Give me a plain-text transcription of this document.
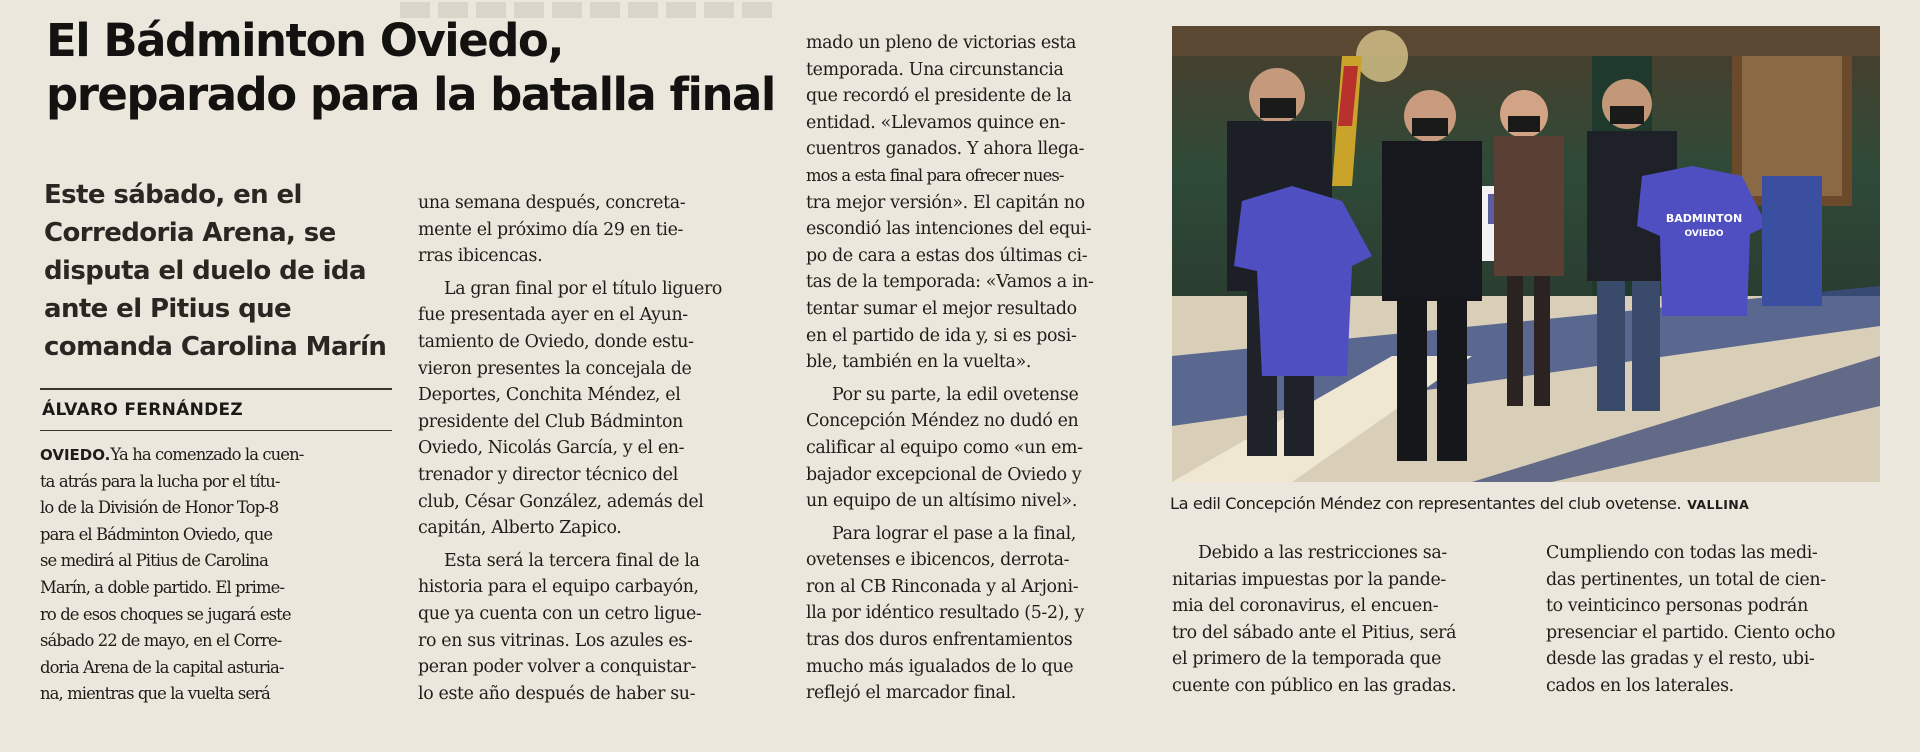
El Bádminton Oviedo,
preparado para la batalla final
Este sábado, en el
Corredoria Arena, se
disputa el duelo de ida
ante el Pitius que
comanda Carolina Marín
ÁLVARO FERNÁNDEZ
OVIEDO.Ya ha comenzado la cuen-
ta atrás para la lucha por el títu-
lo de la División de Honor Top-8
para el Bádminton Oviedo, que
se medirá al Pitius de Carolina
Marín, a doble partido. El prime-
ro de esos choques se jugará este
sábado 22 de mayo, en el Corre-
doria Arena de la capital asturia-
na, mientras que la vuelta será
una semana después, concreta-
mente el próximo día 29 en tie-
rras ibicencas.
La gran final por el título liguero
fue presentada ayer en el Ayun-
tamiento de Oviedo, donde estu-
vieron presentes la concejala de
Deportes, Conchita Méndez, el
presidente del Club Bádminton
Oviedo, Nicolás García, y el en-
trenador y director técnico del
club, César González, además del
capitán, Alberto Zapico.
Esta será la tercera final de la
historia para el equipo carbayón,
que ya cuenta con un cetro ligue-
ro en sus vitrinas. Los azules es-
peran poder volver a conquistar-
lo este año después de haber su-
mado un pleno de victorias esta
temporada. Una circunstancia
que recordó el presidente de la
entidad. «Llevamos quince en-
cuentros ganados. Y ahora llega-
mos a esta final para ofrecer nues-
tra mejor versión». El capitán no
escondió las intenciones del equi-
po de cara a estas dos últimas ci-
tas de la temporada: «Vamos a in-
tentar sumar el mejor resultado
en el partido de ida y, si es posi-
ble, también en la vuelta».
Por su parte, la edil ovetense
Concepción Méndez no dudó en
calificar al equipo como «un em-
bajador excepcional de Oviedo y
un equipo de un altísimo nivel».
Para lograr el pase a la final,
ovetenses e ibicencos, derrota-
ron al CB Rinconada y al Arjoni-
lla por idéntico resultado (5-2), y
tras dos duros enfrentamientos
mucho más igualados de lo que
reflejó el marcador final.
BADMINTON
OVIEDO
La edil Concepción Méndez con representantes del club ovetense. VALLINA
Debido a las restricciones sa-
nitarias impuestas por la pande-
mia del coronavirus, el encuen-
tro del sábado ante el Pitius, será
el primero de la temporada que
cuente con público en las gradas.
Cumpliendo con todas las medi-
das pertinentes, un total de cien-
to veinticinco personas podrán
presenciar el partido. Ciento ocho
desde las gradas y el resto, ubi-
cados en los laterales.
